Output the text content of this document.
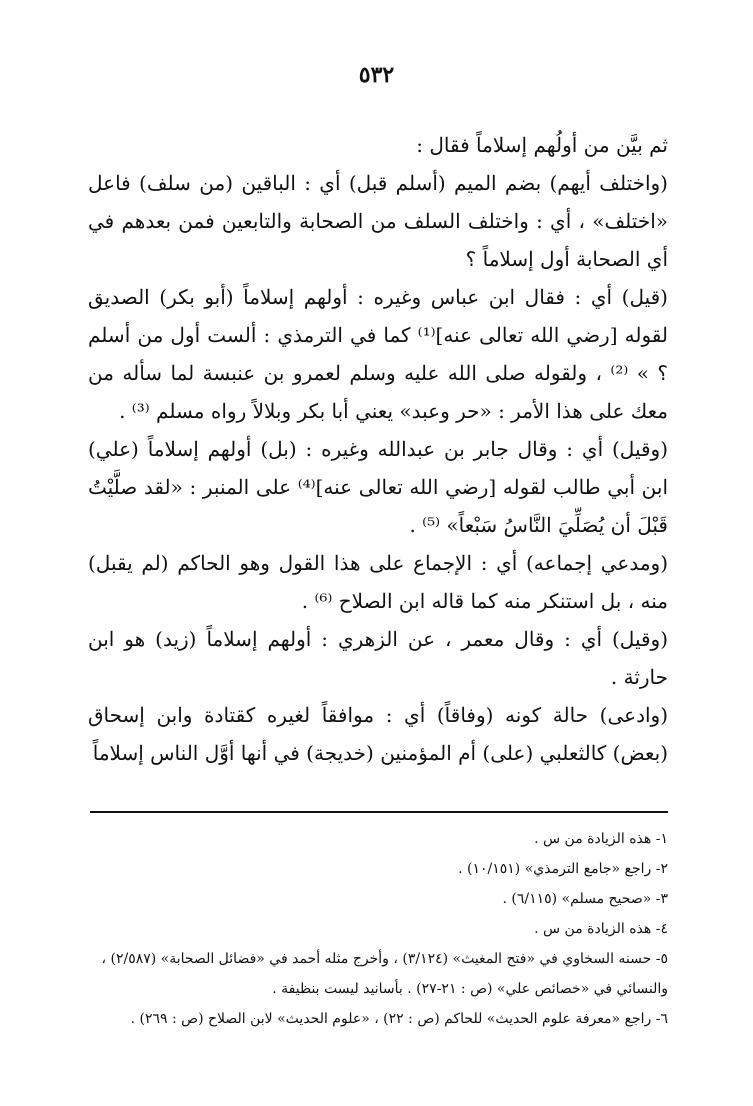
٥٣٢

ثم بيَّن من أولُهم إسلاماً فقال :

(واختلف أيهم) بضم الميم (أسلم قبل) أي : الباقين (من سلف) فاعل «اختلف» ، أي : واختلف السلف من الصحابة والتابعين فمن بعدهم في أي الصحابة أول إسلاماً ؟

(قيل) أي : فقال ابن عباس وغيره : أولهم إسلاماً (أبو بكر) الصديق لقوله [رضي الله تعالى عنه]⁽¹⁾ كما في الترمذي : ألست أول من أسلم ؟ » ⁽²⁾ ، ولقوله صلى الله عليه وسلم لعمرو بن عنبسة لما سأله من معك على هذا الأمر : «حر وعبد» يعني أبا بكر وبلالاً رواه مسلم ⁽³⁾ .

(وقيل) أي : وقال جابر بن عبدالله وغيره : (بل) أولهم إسلاماً (علي) ابن أبي طالب لقوله [رضي الله تعالى عنه]⁽⁴⁾ على المنبر : «لقد صلَّيْتُ قَبْلَ أن يُصَلِّيَ النَّاسُ سَبْعاً» ⁽⁵⁾ .

(ومدعي إجماعه) أي : الإجماع على هذا القول وهو الحاكم (لم يقبل) منه ، بل استنكر منه كما قاله ابن الصلاح ⁽⁶⁾ .

(وقيل) أي : وقال معمر ، عن الزهري : أولهم إسلاماً (زيد) هو ابن حارثة .

(وادعى) حالة كونه (وفاقاً) أي : موافقاً لغيره كقتادة وابن إسحاق (بعض) كالثعلبي (على) أم المؤمنين (خديجة) في أنها أوَّل الناس إسلاماً

١- هذه الزيادة من س .

٢- راجع «جامع الترمذي» (١٠/١٥١) .

٣- «صحيح مسلم» (٦/١١٥) .

٤- هذه الزيادة من س .

٥- حسنه السخاوي في «فتح المغيث» (٣/١٢٤) ، وأخرج مثله أحمد في «فضائل الصحابة» (٢/٥٨٧) ، والنسائي في «خصائص علي» (ص : ٢١-٢٧) . بأسانيد ليست بنظيفة .

٦- راجع «معرفة علوم الحديث» للحاكم (ص : ٢٢) ، «علوم الحديث» لابن الصلاح (ص : ٢٦٩) .
